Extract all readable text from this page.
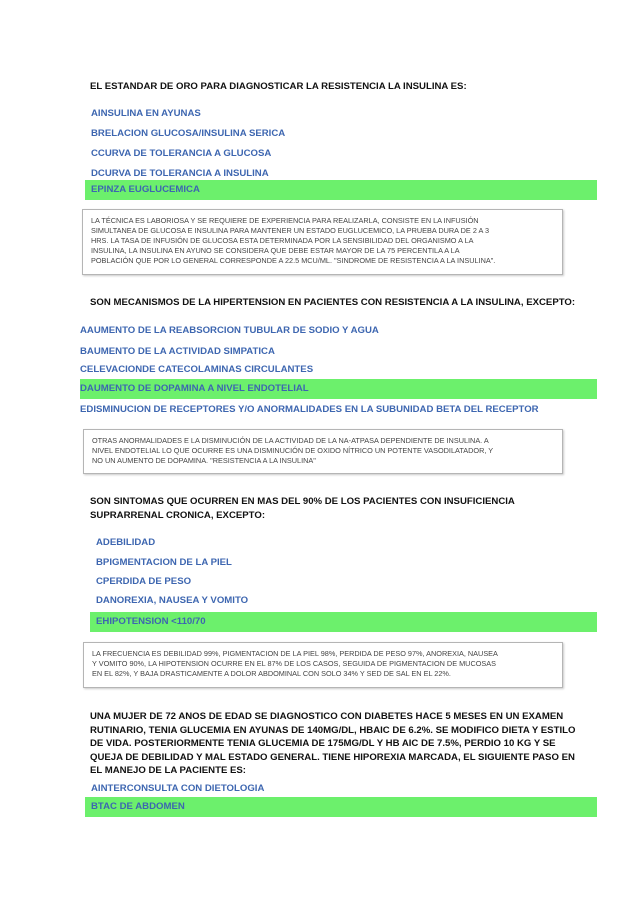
EL ESTANDAR DE ORO PARA DIAGNOSTICAR LA RESISTENCIA LA INSULINA ES:
AINSULINA EN AYUNAS
BRELACION GLUCOSA/INSULINA SERICA
CCURVA DE TOLERANCIA A GLUCOSA
DCURVA DE TOLERANCIA A INSULINA
EPINZA EUGLUCEMICA
LA TÉCNICA ES LABORIOSA Y SE REQUIERE DE EXPERIENCIA PARA REALIZARLA, CONSISTE EN LA INFUSIÓN
SIMULTANEA DE GLUCOSA E INSULINA PARA MANTENER UN ESTADO EUGLUCEMICO, LA PRUEBA DURA DE 2 A 3
HRS. LA TASA DE INFUSIÓN DE GLUCOSA ESTA DETERMINADA POR LA SENSIBILIDAD DEL ORGANISMO A LA
INSULINA, LA INSULINA EN AYUNO SE CONSIDERA QUE DEBE ESTAR MAYOR DE LA 75 PERCENTILA A LA
POBLACIÓN QUE POR LO GENERAL CORRESPONDE A 22.5 MCU/ML. "SINDROME DE RESISTENCIA A LA INSULINA".
SON MECANISMOS DE LA HIPERTENSION EN PACIENTES CON RESISTENCIA A LA INSULINA, EXCEPTO:
AAUMENTO DE LA REABSORCION TUBULAR DE SODIO Y AGUA
BAUMENTO DE LA ACTIVIDAD SIMPATICA
CELEVACIONDE CATECOLAMINAS CIRCULANTES
DAUMENTO DE DOPAMINA A NIVEL ENDOTELIAL
EDISMINUCION DE RECEPTORES Y/O ANORMALIDADES EN LA SUBUNIDAD BETA DEL RECEPTOR
OTRAS ANORMALIDADES E LA DISMINUCIÓN DE LA ACTIVIDAD DE LA NA-ATPASA DEPENDIENTE DE INSULINA. A
NIVEL ENDOTELIAL LO QUE OCURRE ES UNA DISMINUCIÓN DE OXIDO NÍTRICO UN POTENTE VASODILATADOR, Y
NO UN AUMENTO DE DOPAMINA. "RESISTENCIA A LA INSULINA"
SON SINTOMAS QUE OCURREN EN MAS DEL 90% DE LOS PACIENTES CON INSUFICIENCIA
SUPRARRENAL CRONICA, EXCEPTO:
ADEBILIDAD
BPIGMENTACION DE LA PIEL
CPERDIDA DE PESO
DANOREXIA, NAUSEA Y VOMITO
EHIPOTENSION <110/70
LA FRECUENCIA ES DEBILIDAD 99%, PIGMENTACION DE LA PIEL 98%, PERDIDA DE PESO 97%, ANOREXIA, NAUSEA
Y VOMITO 90%, LA HIPOTENSION OCURRE EN EL 87% DE LOS CASOS, SEGUIDA DE PIGMENTACION DE MUCOSAS
EN EL 82%, Y BAJA DRASTICAMENTE A DOLOR ABDOMINAL CON SOLO 34% Y SED DE SAL EN EL 22%.
UNA MUJER DE 72 ANOS DE EDAD SE DIAGNOSTICO CON DIABETES HACE 5 MESES EN UN EXAMEN
RUTINARIO, TENIA GLUCEMIA EN AYUNAS DE 140MG/DL, HBAIC DE 6.2%. SE MODIFICO DIETA Y ESTILO
DE VIDA. POSTERIORMENTE TENIA GLUCEMIA DE 175MG/DL Y HB AIC DE 7.5%, PERDIO 10 KG Y SE
QUEJA DE DEBILIDAD Y MAL ESTADO GENERAL. TIENE HIPOREXIA MARCADA, EL SIGUIENTE PASO EN
EL MANEJO DE LA PACIENTE ES:
AINTERCONSULTA CON DIETOLOGIA
BTAC DE ABDOMEN
